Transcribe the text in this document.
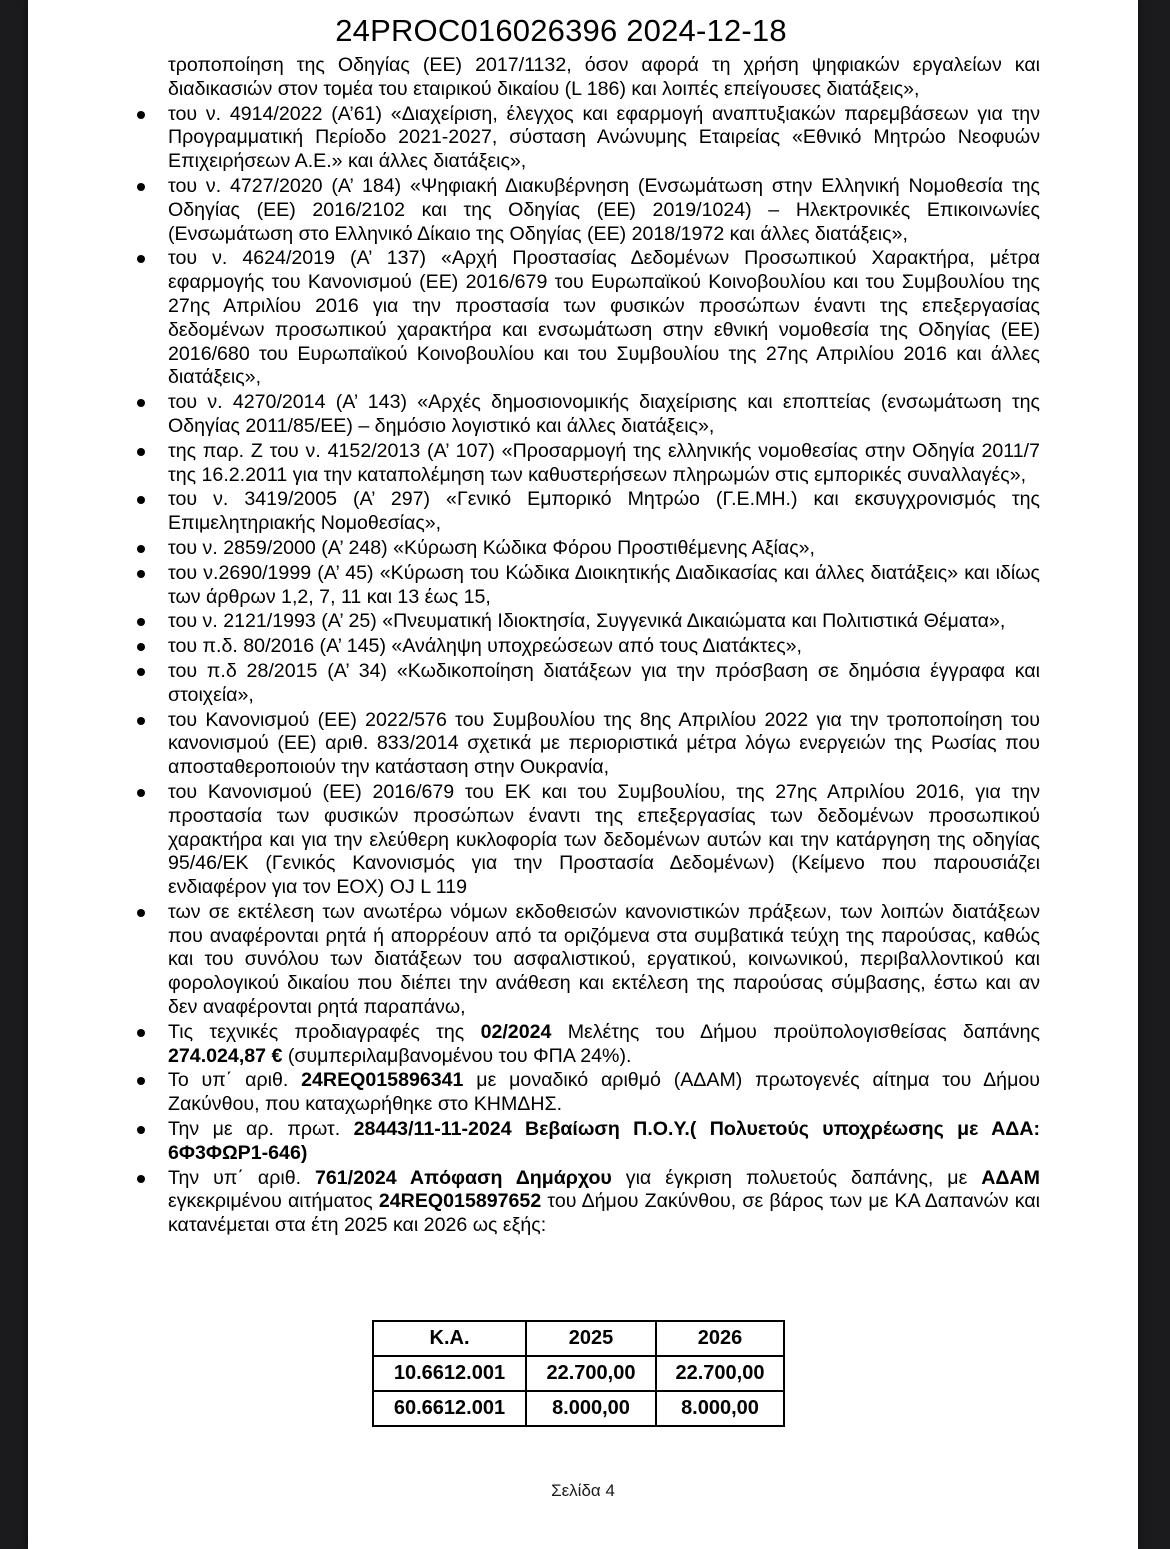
24PROC016026396 2024-12-18
τροποποίηση της Οδηγίας (ΕΕ) 2017/1132, όσον αφορά τη χρήση ψηφιακών εργαλείων και διαδικασιών στον τομέα του εταιρικού δικαίου (L 186) και λοιπές επείγουσες διατάξεις»,
του ν. 4914/2022 (Α’61) «Διαχείριση, έλεγχος και εφαρμογή αναπτυξιακών παρεμβάσεων για την Προγραμματική Περίοδο 2021-2027, σύσταση Ανώνυμης Εταιρείας «Εθνικό Μητρώο Νεοφυών Επιχειρήσεων Α.Ε.» και άλλες διατάξεις»,
του ν. 4727/2020 (Α’ 184) «Ψηφιακή Διακυβέρνηση (Ενσωμάτωση στην Ελληνική Νομοθεσία της Οδηγίας (ΕΕ) 2016/2102 και της Οδηγίας (ΕΕ) 2019/1024) – Ηλεκτρονικές Επικοινωνίες (Ενσωμάτωση στο Ελληνικό Δίκαιο της Οδηγίας (ΕΕ) 2018/1972 και άλλες διατάξεις»,
του ν. 4624/2019 (Α’ 137) «Αρχή Προστασίας Δεδομένων Προσωπικού Χαρακτήρα, μέτρα εφαρμογής του Κανονισμού (ΕΕ) 2016/679 του Ευρωπαϊκού Κοινοβουλίου και του Συμβουλίου της 27ης Απριλίου 2016 για την προστασία των φυσικών προσώπων έναντι της επεξεργασίας δεδομένων προσωπικού χαρακτήρα και ενσωμάτωση στην εθνική νομοθεσία της Οδηγίας (ΕΕ) 2016/680 του Ευρωπαϊκού Κοινοβουλίου και του Συμβουλίου της 27ης Απριλίου 2016 και άλλες διατάξεις»,
του ν. 4270/2014 (Α’ 143) «Αρχές δημοσιονομικής διαχείρισης και εποπτείας (ενσωμάτωση της Οδηγίας 2011/85/ΕΕ) – δημόσιο λογιστικό και άλλες διατάξεις»,
της παρ. Ζ του ν. 4152/2013 (Α’ 107) «Προσαρμογή της ελληνικής νομοθεσίας στην Οδηγία 2011/7 της 16.2.2011 για την καταπολέμηση των καθυστερήσεων πληρωμών στις εμπορικές συναλλαγές»,
του ν. 3419/2005 (Α’ 297) «Γενικό Εμπορικό Μητρώο (Γ.Ε.ΜΗ.) και εκσυγχρονισμός της Επιμελητηριακής Νομοθεσίας»,
του ν. 2859/2000 (Α’ 248) «Κύρωση Κώδικα Φόρου Προστιθέμενης Αξίας»,
του ν.2690/1999 (Α’ 45) «Κύρωση του Κώδικα Διοικητικής Διαδικασίας και άλλες διατάξεις» και ιδίως των άρθρων 1,2, 7, 11 και 13 έως 15,
του ν. 2121/1993 (Α’ 25) «Πνευματική Ιδιοκτησία, Συγγενικά Δικαιώματα και Πολιτιστικά Θέματα»,
του π.δ. 80/2016 (Α’ 145) «Ανάληψη υποχρεώσεων από τους Διατάκτες»,
του π.δ 28/2015 (Α’ 34) «Κωδικοποίηση διατάξεων για την πρόσβαση σε δημόσια έγγραφα και στοιχεία»,
του Κανονισμού (ΕΕ) 2022/576 του Συμβουλίου της 8ης Απριλίου 2022 για την τροποποίηση του κανονισμού (ΕΕ) αριθ. 833/2014 σχετικά με περιοριστικά μέτρα λόγω ενεργειών της Ρωσίας που αποσταθεροποιούν την κατάσταση στην Ουκρανία,
του Κανονισμού (ΕΕ) 2016/679 του ΕΚ και του Συμβουλίου, της 27ης Απριλίου 2016, για την προστασία των φυσικών προσώπων έναντι της επεξεργασίας των δεδομένων προσωπικού χαρακτήρα και για την ελεύθερη κυκλοφορία των δεδομένων αυτών και την κατάργηση της οδηγίας 95/46/ΕΚ (Γενικός Κανονισμός για την Προστασία Δεδομένων) (Κείμενο που παρουσιάζει ενδιαφέρον για τον ΕΟΧ) OJ L 119
των σε εκτέλεση των ανωτέρω νόμων εκδοθεισών κανονιστικών πράξεων, των λοιπών διατάξεων που αναφέρονται ρητά ή απορρέουν από τα οριζόμενα στα συμβατικά τεύχη της παρούσας, καθώς και του συνόλου των διατάξεων του ασφαλιστικού, εργατικού, κοινωνικού, περιβαλλοντικού και φορολογικού δικαίου που διέπει την ανάθεση και εκτέλεση της παρούσας σύμβασης, έστω και αν δεν αναφέρονται ρητά παραπάνω,
Τις τεχνικές προδιαγραφές της 02/2024 Μελέτης του Δήμου προϋπολογισθείσας δαπάνης 274.024,87 € (συμπεριλαμβανομένου του ΦΠΑ 24%).
Το υπ΄ αριθ. 24REQ015896341 με μοναδικό αριθμό (ΑΔΑΜ) πρωτογενές αίτημα του Δήμου Ζακύνθου, που καταχωρήθηκε στο ΚΗΜΔΗΣ.
Την με αρ. πρωτ. 28443/11-11-2024 Βεβαίωση Π.Ο.Υ.( Πολυετούς υποχρέωσης με ΑΔΑ: 6Φ3ΦΩΡ1-646)
Την υπ΄ αριθ. 761/2024 Απόφαση Δημάρχου για έγκριση πολυετούς δαπάνης, με ΑΔΑΜ εγκεκριμένου αιτήματος 24REQ015897652 του Δήμου Ζακύνθου, σε βάρος των με ΚΑ Δαπανών και κατανέμεται στα έτη 2025 και 2026 ως εξής:
Κ.Α.	2025	2026
10.6612.001	22.700,00	22.700,00
60.6612.001	8.000,00	8.000,00
Σελίδα 4
